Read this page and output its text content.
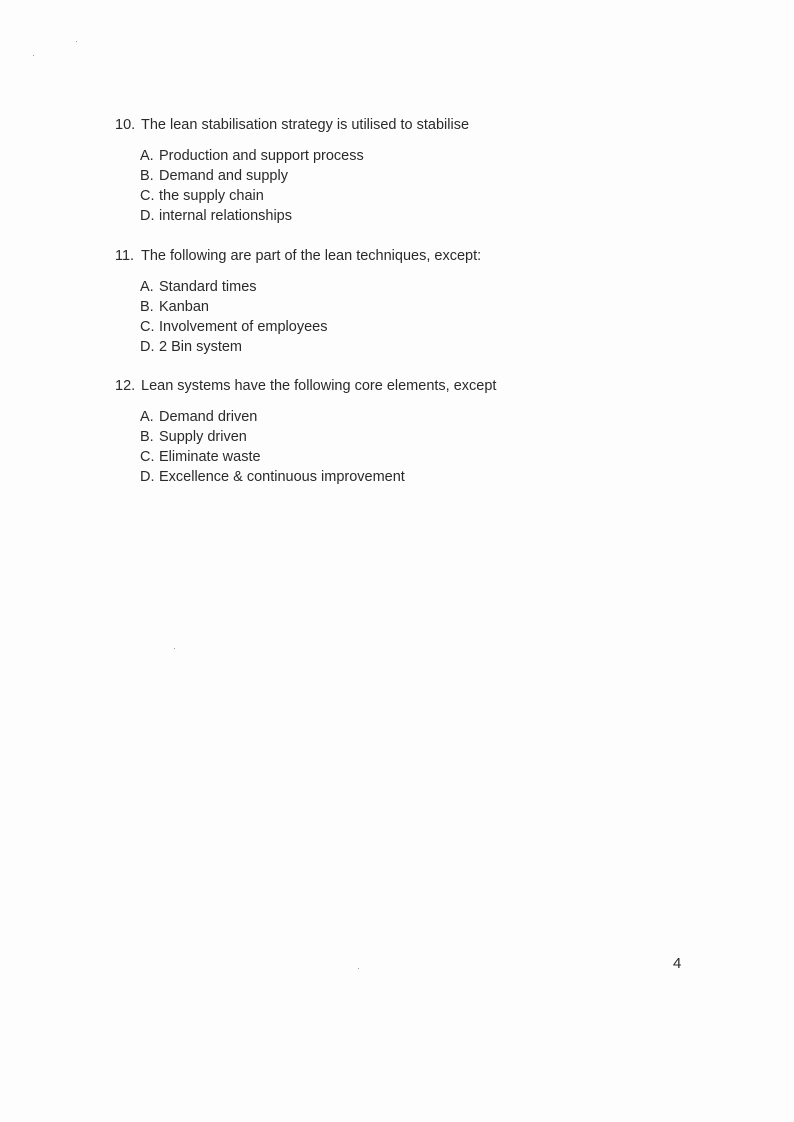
10. The lean stabilisation strategy is utilised to stabilise
A. Production and support process
B. Demand and supply
C. the supply chain
D. internal relationships
11. The following are part of the lean techniques, except:
A. Standard times
B. Kanban
C. Involvement of employees
D. 2 Bin system
12. Lean systems have the following core elements, except
A. Demand driven
B. Supply driven
C. Eliminate waste
D. Excellence & continuous improvement
4
